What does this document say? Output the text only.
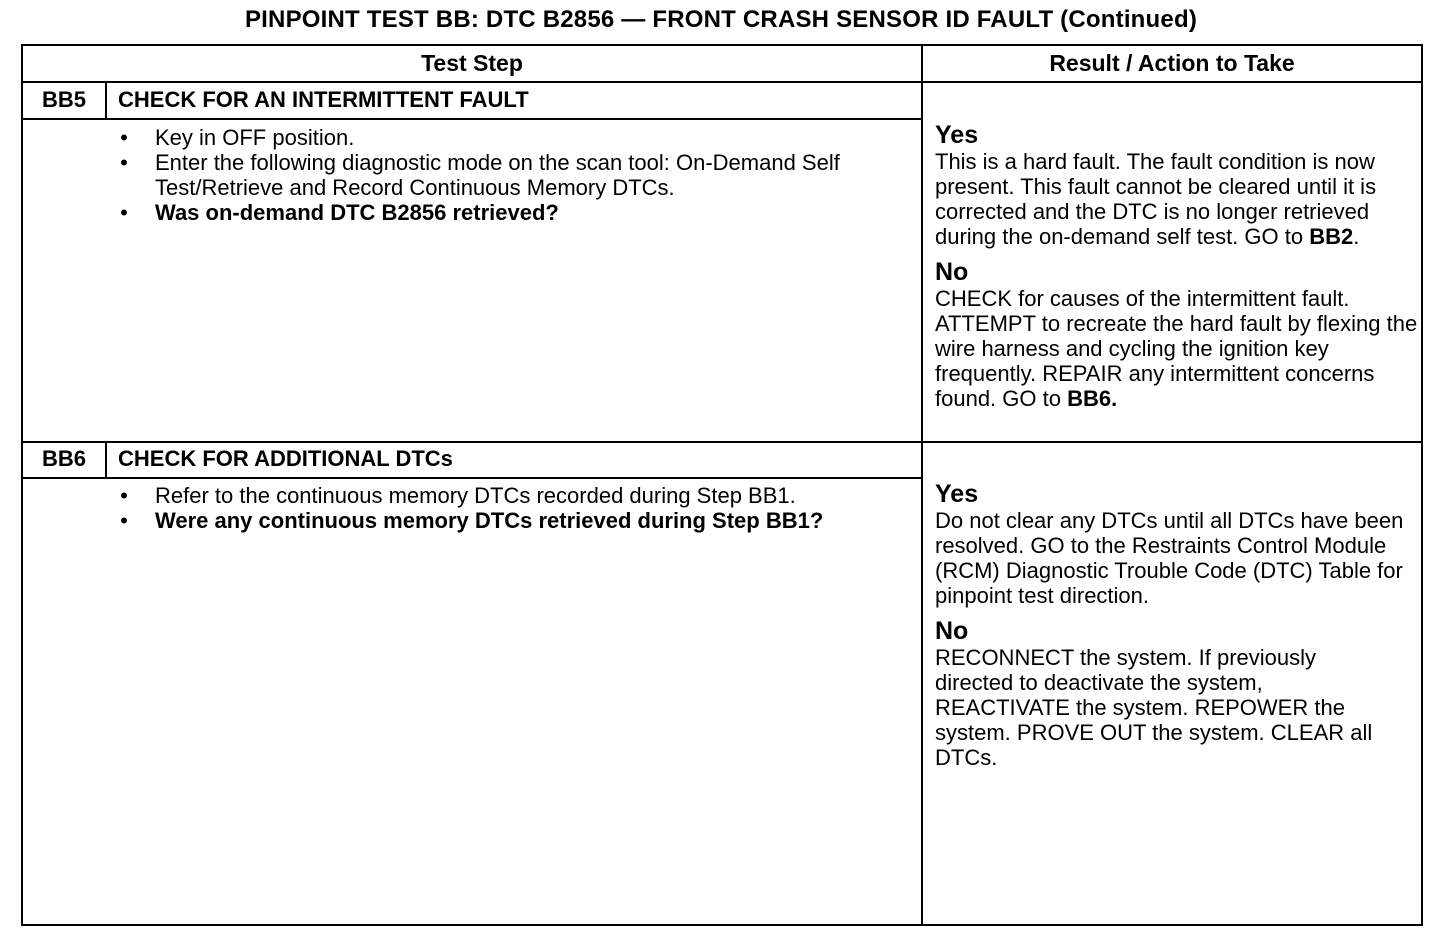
PINPOINT TEST BB: DTC B2856 — FRONT CRASH SENSOR ID FAULT (Continued)
Test Step	Result / Action to Take
BB5	CHECK FOR AN INTERMITTENT FAULT
• Key in OFF position.
• Enter the following diagnostic mode on the scan tool: On-Demand Self Test/Retrieve and Record Continuous Memory DTCs.
• Was on-demand DTC B2856 retrieved?
Yes
This is a hard fault. The fault condition is now present. This fault cannot be cleared until it is corrected and the DTC is no longer retrieved during the on-demand self test. GO to BB2.
No
CHECK for causes of the intermittent fault. ATTEMPT to recreate the hard fault by flexing the wire harness and cycling the ignition key frequently. REPAIR any intermittent concerns found. GO to BB6.
BB6	CHECK FOR ADDITIONAL DTCs
• Refer to the continuous memory DTCs recorded during Step BB1.
• Were any continuous memory DTCs retrieved during Step BB1?
Yes
Do not clear any DTCs until all DTCs have been resolved. GO to the Restraints Control Module (RCM) Diagnostic Trouble Code (DTC) Table for pinpoint test direction.
No
RECONNECT the system. If previously directed to deactivate the system, REACTIVATE the system. REPOWER the system. PROVE OUT the system. CLEAR all DTCs.
